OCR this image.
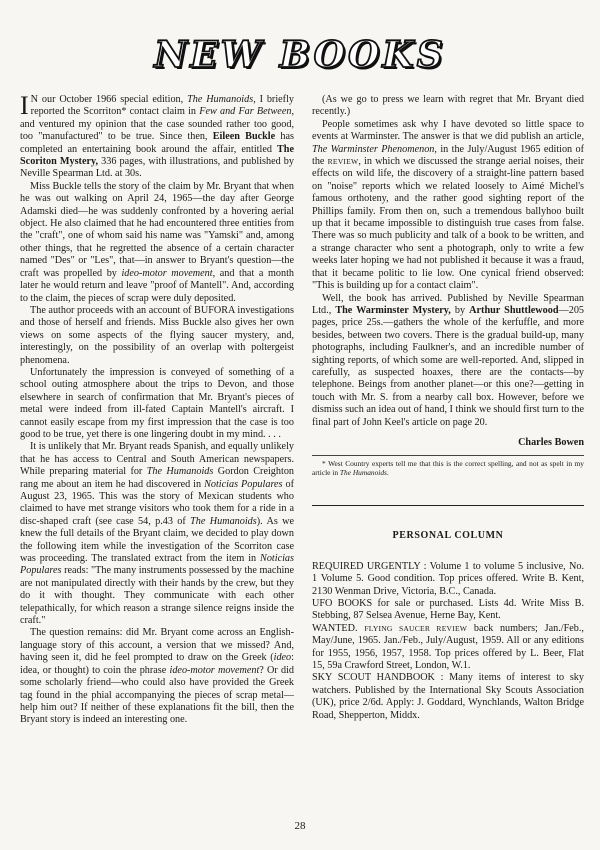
NEW BOOKS

I N our October 1966 special edition, The Humanoids, I briefly reported the Scorriton* contact claim in Few and Far Between, and ventured my opinion that the case sounded rather too good, too "manufactured" to be true. Since then, Eileen Buckle has completed an entertaining book around the affair, entitled The Scoriton Mystery, 336 pages, with illustrations, and published by Neville Spearman Ltd. at 30s.

Miss Buckle tells the story of the claim by Mr. Bryant that when he was out walking on April 24, 1965—the day after George Adamski died—he was suddenly confronted by a hovering aerial object. He also claimed that he had encountered three entities from the "craft", one of whom said his name was "Yamski" and, among other things, that he regretted the absence of a certain character named "Des" or "Les", that—in answer to Bryant's question—the craft was propelled by ideo-motor movement, and that a month later he would return and leave "proof of Mantell". And, according to the claim, the pieces of scrap were duly deposited.

The author proceeds with an account of BUFORA investigations and those of herself and friends. Miss Buckle also gives her own views on some aspects of the flying saucer mystery, and, interestingly, on the possibility of an overlap with poltergeist phenomena.

Unfortunately the impression is conveyed of something of a school outing atmosphere about the trips to Devon, and those elsewhere in search of confirmation that Mr. Bryant's pieces of metal were indeed from ill-fated Captain Mantell's aircraft. I cannot easily escape from my first impression that the case is too good to be true, yet there is one lingering doubt in my mind. . . .

It is unlikely that Mr. Bryant reads Spanish, and equally unlikely that he has access to Central and South American newspapers. While preparing material for The Humanoids Gordon Creighton rang me about an item he had discovered in Noticias Populares of August 23, 1965. This was the story of Mexican students who claimed to have met strange visitors who took them for a ride in a disc-shaped craft (see case 54, p.43 of The Humanoids). As we knew the full details of the Bryant claim, we decided to play down the following item while the investigation of the Scorriton case was proceeding. The translated extract from the item in Noticias Populares reads: "The many instruments possessed by the machine are not manipulated directly with their hands by the crew, but they do it with thought. They communicate with each other telepathically, for which reason a strange silence reigns inside the craft."

The question remains: did Mr. Bryant come across an English-language story of this account, a version that we missed? And, having seen it, did he feel prompted to draw on the Greek (ideo: idea, or thought) to coin the phrase ideo-motor movement? Or did some scholarly friend—who could also have provided the Greek tag found in the phial accompanying the pieces of scrap metal—help him out? If neither of these explanations fit the bill, then the Bryant story is indeed an interesting one.

(As we go to press we learn with regret that Mr. Bryant died recently.)

People sometimes ask why I have devoted so little space to events at Warminster. The answer is that we did publish an article, The Warminster Phenomenon, in the July/August 1965 edition of the REVIEW, in which we discussed the strange aerial noises, their effects on wild life, the discovery of a straight-line pattern based on "noise" reports which we related loosely to Aimé Michel's famous orthoteny, and the rather good sighting report of the Phillips family. From then on, such a tremendous ballyhoo built up that it became impossible to distinguish true cases from false. There was so much publicity and talk of a book to be written, and a strange character who sent a photograph, only to write a few weeks later hoping we had not published it because it was a fraud, that it became politic to lie low. One cynical friend observed: "This is building up for a contact claim".

Well, the book has arrived. Published by Neville Spearman Ltd., The Warminster Mystery, by Arthur Shuttlewood—205 pages, price 25s.—gathers the whole of the kerfuffle, and more besides, between two covers. There is the gradual build-up, many photographs, including Faulkner's, and an incredible number of sighting reports, of which some are well-reported. And, slipped in carefully, as suspected hoaxes, there are the contacts—by telephone. Beings from another planet—or this one?—getting in touch with Mr. S. from a nearby call box. However, before we dismiss such an idea out of hand, I think we should first turn to the final part of John Keel's article on page 20.

Charles Bowen

* West Country experts tell me that this is the correct spelling, and not as spelt in my article in The Humanoids.

PERSONAL COLUMN

REQUIRED URGENTLY : Volume 1 to volume 5 inclusive, No. 1 Volume 5. Good condition. Top prices offered. Write B. Kent, 2130 Wenman Drive, Victoria, B.C., Canada.

UFO BOOKS for sale or purchased. Lists 4d. Write Miss B. Stebbing, 87 Selsea Avenue, Herne Bay, Kent.

WANTED. FLYING SAUCER REVIEW back numbers; Jan./Feb., May/June, 1965. Jan./Feb., July/August, 1959. All or any editions for 1955, 1956, 1957, 1958. Top prices offered by L. Beer, Flat 15, 59a Crawford Street, London, W.1.

SKY SCOUT HANDBOOK : Many items of interest to sky watchers. Published by the International Sky Scouts Association (UK), price 2/6d. Apply: J. Goddard, Wynchlands, Walton Bridge Road, Shepperton, Middx.

28
